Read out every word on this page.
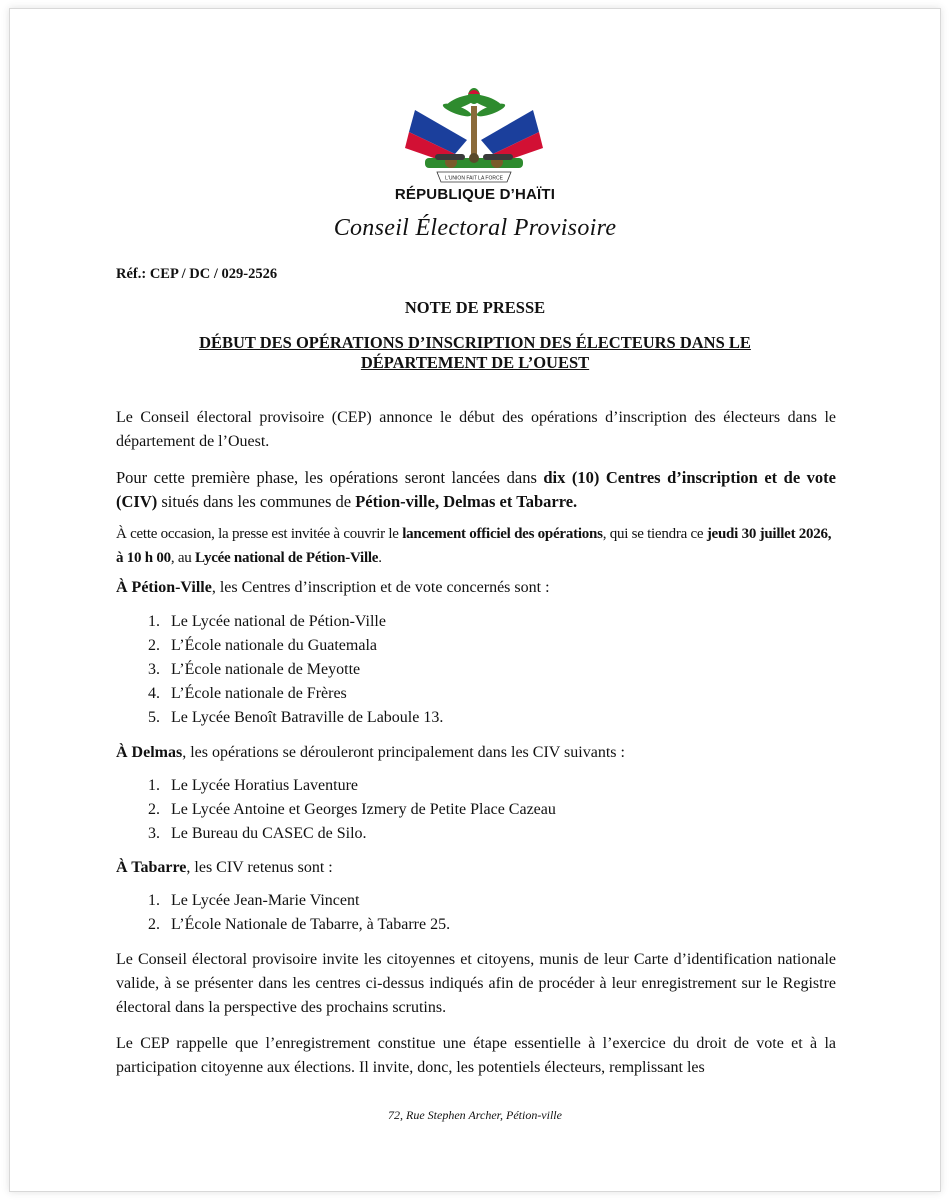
L'UNION FAIT LA FORCE
RÉPUBLIQUE D’HAÏTI
Conseil Électoral Provisoire
Réf.: CEP / DC / 029-2526
NOTE DE PRESSE
DÉBUT DES OPÉRATIONS D’INSCRIPTION DES ÉLECTEURS DANS LE
DÉPARTEMENT DE L’OUEST
Le Conseil électoral provisoire (CEP) annonce le début des opérations d’inscription des électeurs dans le département de l’Ouest.
Pour cette première phase, les opérations seront lancées dans dix (10) Centres d’inscription et de vote (CIV) situés dans les communes de Pétion-ville, Delmas et Tabarre.
À cette occasion, la presse est invitée à couvrir le lancement officiel des opérations, qui se tiendra ce jeudi 30 juillet 2026, à 10 h 00, au Lycée national de Pétion-Ville.
À Pétion-Ville, les Centres d’inscription et de vote concernés sont :
1. Le Lycée national de Pétion-Ville
2. L’École nationale du Guatemala
3. L’École nationale de Meyotte
4. L’École nationale de Frères
5. Le Lycée Benoît Batraville de Laboule 13.
À Delmas, les opérations se dérouleront principalement dans les CIV suivants :
1. Le Lycée Horatius Laventure
2. Le Lycée Antoine et Georges Izmery de Petite Place Cazeau
3. Le Bureau du CASEC de Silo.
À Tabarre, les CIV retenus sont :
1. Le Lycée Jean-Marie Vincent
2. L’École Nationale de Tabarre, à Tabarre 25.
Le Conseil électoral provisoire invite les citoyennes et citoyens, munis de leur Carte d’identification nationale valide, à se présenter dans les centres ci-dessus indiqués afin de procéder à leur enregistrement sur le Registre électoral dans la perspective des prochains scrutins.
Le CEP rappelle que l’enregistrement constitue une étape essentielle à l’exercice du droit de vote et à la participation citoyenne aux élections. Il invite, donc, les potentiels électeurs, remplissant les
72, Rue Stephen Archer, Pétion-ville
